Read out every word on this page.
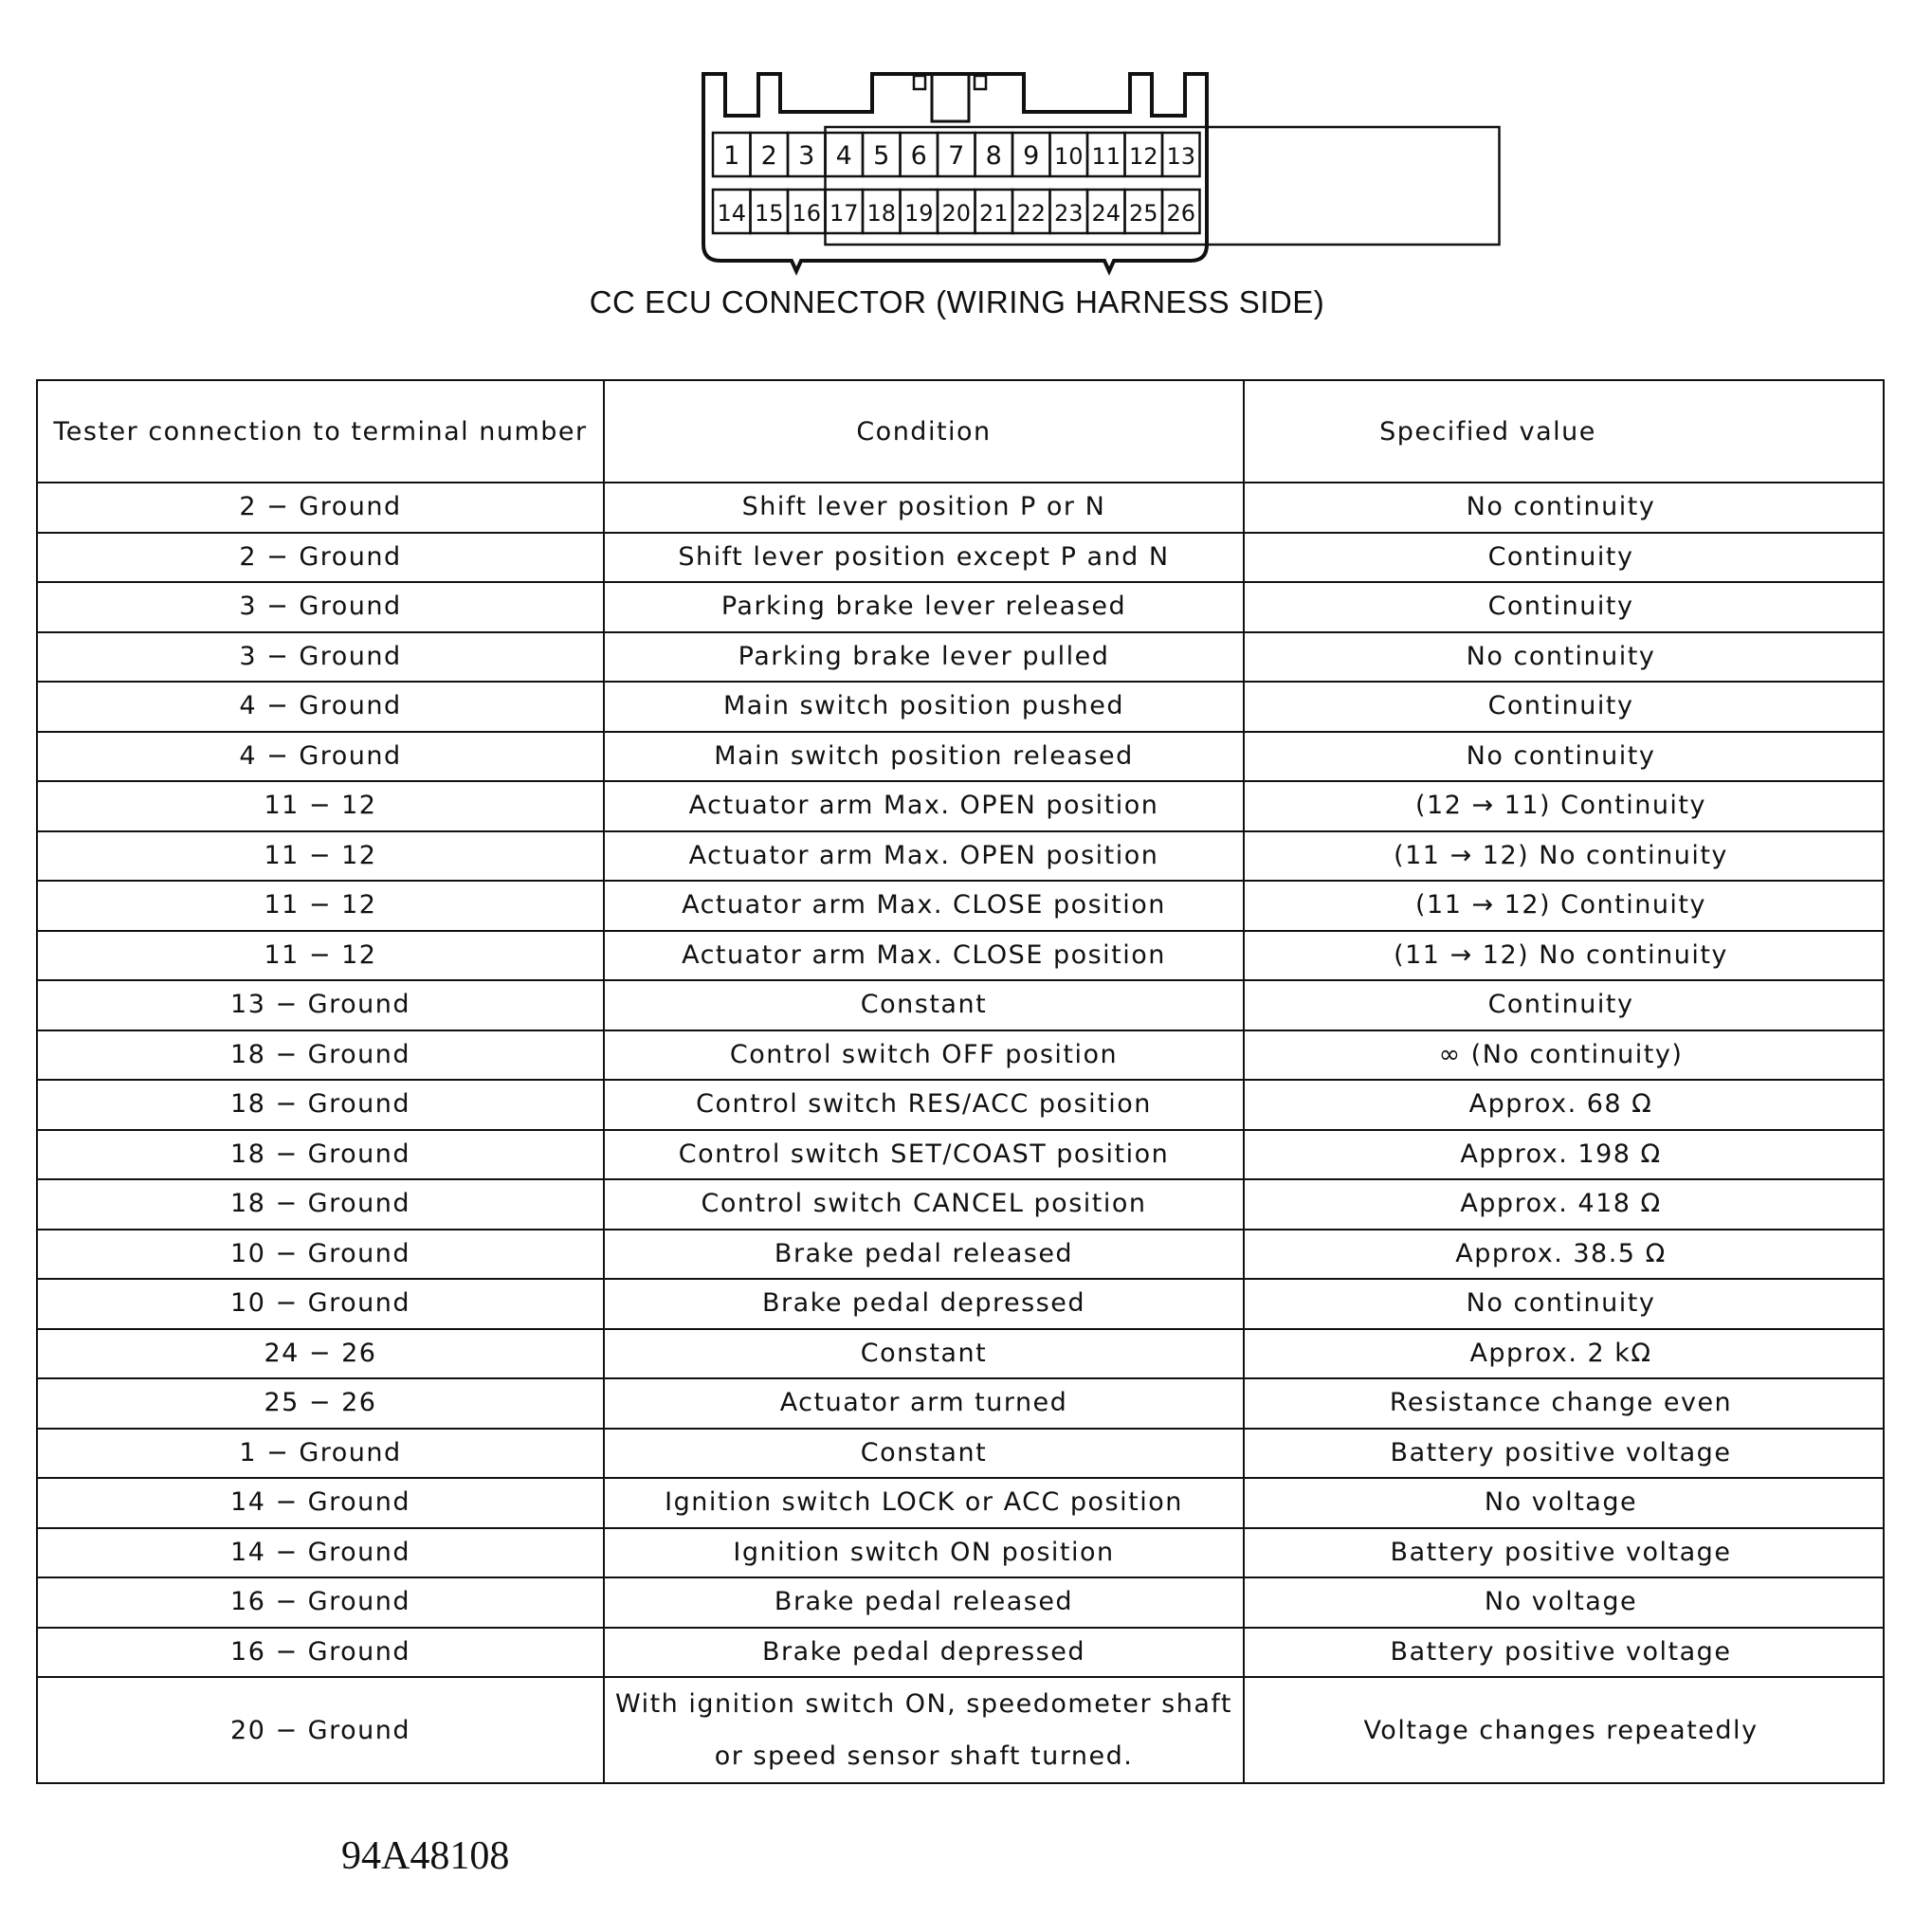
1 2 3 4 5 6 7 8 9 10 11 12 13
14 15 16 17 18 19 20 21 22 23 24 25 26
CC ECU CONNECTOR (WIRING HARNESS SIDE)
Tester connection to terminal number	Condition	Specified value
2 − Ground	Shift lever position P or N	No continuity
2 − Ground	Shift lever position except P and N	Continuity
3 − Ground	Parking brake lever released	Continuity
3 − Ground	Parking brake lever pulled	No continuity
4 − Ground	Main switch position pushed	Continuity
4 − Ground	Main switch position released	No continuity
11 − 12	Actuator arm Max. OPEN position	(12 → 11) Continuity
11 − 12	Actuator arm Max. OPEN position	(11 → 12) No continuity
11 − 12	Actuator arm Max. CLOSE position	(11 → 12) Continuity
11 − 12	Actuator arm Max. CLOSE position	(11 → 12) No continuity
13 − Ground	Constant	Continuity
18 − Ground	Control switch OFF position	∞ (No continuity)
18 − Ground	Control switch RES/ACC position	Approx. 68 Ω
18 − Ground	Control switch SET/COAST position	Approx. 198 Ω
18 − Ground	Control switch CANCEL position	Approx. 418 Ω
10 − Ground	Brake pedal released	Approx. 38.5 Ω
10 − Ground	Brake pedal depressed	No continuity
24 − 26	Constant	Approx. 2 kΩ
25 − 26	Actuator arm turned	Resistance change even
1 − Ground	Constant	Battery positive voltage
14 − Ground	Ignition switch LOCK or ACC position	No voltage
14 − Ground	Ignition switch ON position	Battery positive voltage
16 − Ground	Brake pedal released	No voltage
16 − Ground	Brake pedal depressed	Battery positive voltage
20 − Ground	With ignition switch ON, speedometer shaft or speed sensor shaft turned.	Voltage changes repeatedly
94A48108
